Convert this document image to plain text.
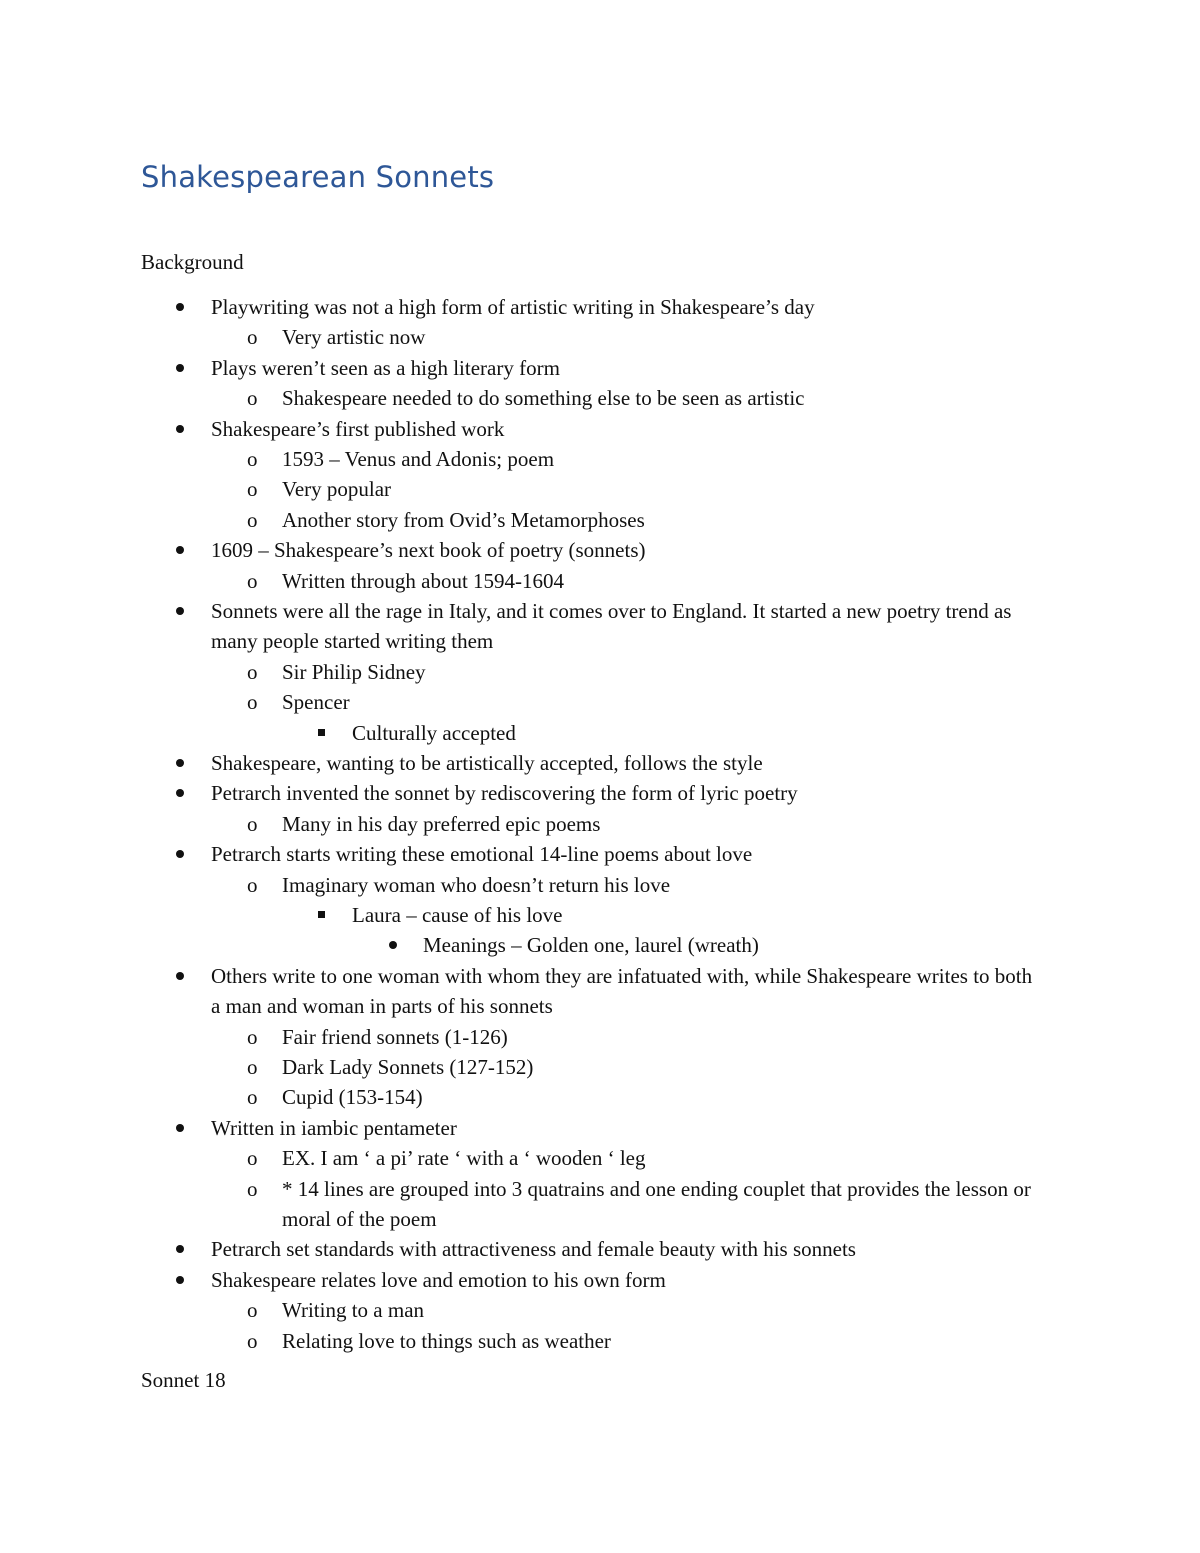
Shakespearean Sonnets

Background

Playwriting was not a high form of artistic writing in Shakespeare’s day
o Very artistic now
Plays weren’t seen as a high literary form
o Shakespeare needed to do something else to be seen as artistic
Shakespeare’s first published work
o 1593 – Venus and Adonis; poem
o Very popular
o Another story from Ovid’s Metamorphoses
1609 – Shakespeare’s next book of poetry (sonnets)
o Written through about 1594-1604
Sonnets were all the rage in Italy, and it comes over to England. It started a new poetry trend as many people started writing them
o Sir Philip Sidney
o Spencer
Culturally accepted
Shakespeare, wanting to be artistically accepted, follows the style
Petrarch invented the sonnet by rediscovering the form of lyric poetry
o Many in his day preferred epic poems
Petrarch starts writing these emotional 14-line poems about love
o Imaginary woman who doesn’t return his love
Laura – cause of his love
Meanings – Golden one, laurel (wreath)
Others write to one woman with whom they are infatuated with, while Shakespeare writes to both a man and woman in parts of his sonnets
o Fair friend sonnets (1-126)
o Dark Lady Sonnets (127-152)
o Cupid (153-154)
Written in iambic pentameter
o EX. I am ‘ a pi’ rate ‘ with a ‘ wooden ‘ leg
o * 14 lines are grouped into 3 quatrains and one ending couplet that provides the lesson or moral of the poem
Petrarch set standards with attractiveness and female beauty with his sonnets
Shakespeare relates love and emotion to his own form
o Writing to a man
o Relating love to things such as weather

Sonnet 18
